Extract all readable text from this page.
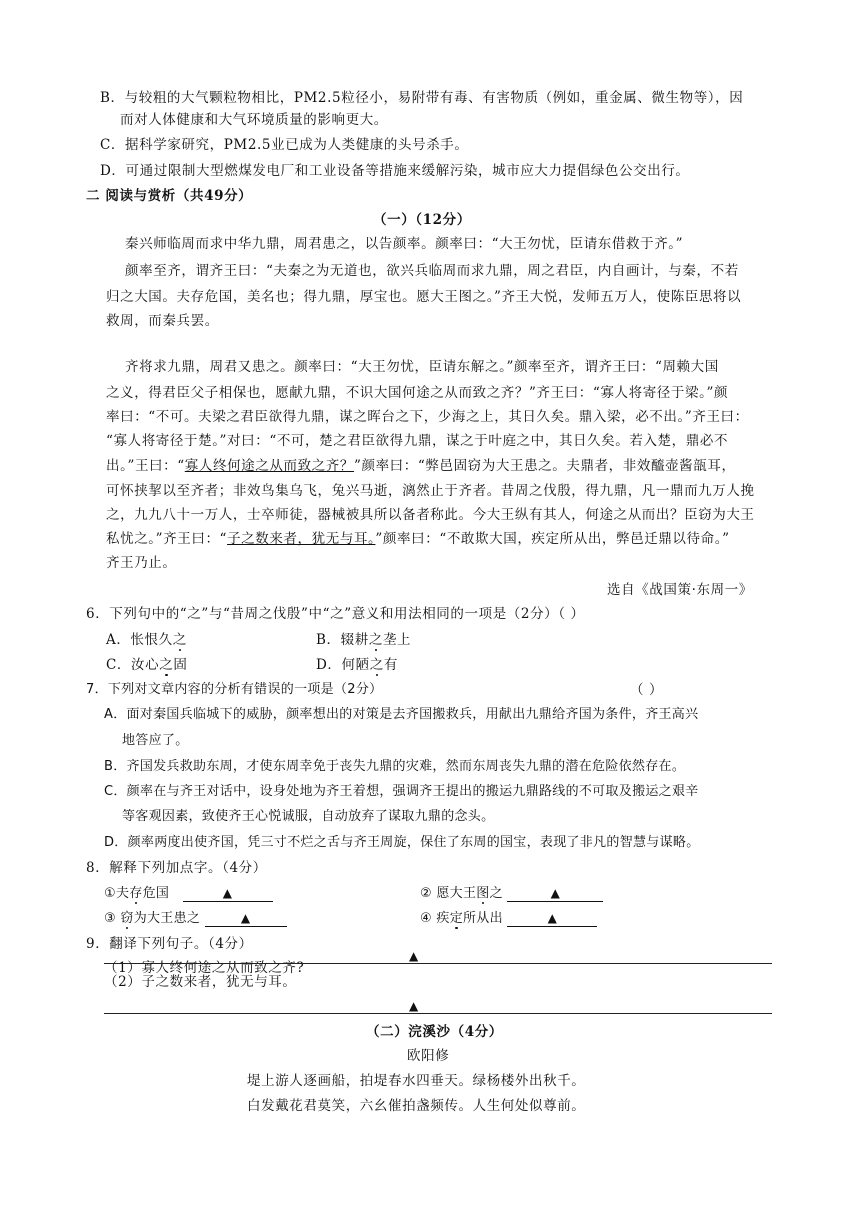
B．与较粗的大气颗粒物相比，PM2.5粒径小，易附带有毒、有害物质（例如，重金属、微生物等），因
而对人体健康和大气环境质量的影响更大。
C．据科学家研究，PM2.5业已成为人类健康的头号杀手。
D．可通过限制大型燃煤发电厂和工业设备等措施来缓解污染，城市应大力提倡绿色公交出行。
二 阅读与赏析（共49分）
（一）（12分）
秦兴师临周而求中华九鼎，周君患之，以告颜率。颜率曰：“大王勿忧，臣请东借救于齐。”
颜率至齐，谓齐王曰：“夫秦之为无道也，欲兴兵临周而求九鼎，周之君臣，内自画计，与秦，不若
归之大国。夫存危国，美名也；得九鼎，厚宝也。愿大王图之。”齐王大悦，发师五万人，使陈臣思将以
救周，而秦兵罢。
齐将求九鼎，周君又患之。颜率曰：“大王勿忧，臣请东解之。”颜率至齐，谓齐王曰：“周赖大国
之义，得君臣父子相保也，愿献九鼎，不识大国何途之从而致之齐？”齐王曰：“寡人将寄径于梁。”颜
率曰：“不可。夫梁之君臣欲得九鼎，谋之晖台之下，少海之上，其日久矣。鼎入梁，必不出。”齐王曰：
“寡人将寄径于楚。”对曰：“不可，楚之君臣欲得九鼎，谋之于叶庭之中，其日久矣。若入楚，鼎必不
出。”王曰：“寡人终何途之从而致之齐？”颜率曰：“弊邑固窃为大王患之。夫鼎者，非效醯壶酱瓿耳，
可怀挟挈以至齐者；非效鸟集乌飞，兔兴马逝，漓然止于齐者。昔周之伐殷，得九鼎，凡一鼎而九万人挽
之，九九八十一万人，士卒师徒，器械被具所以备者称此。今大王纵有其人，何途之从而出？臣窃为大王
私忧之。”齐王曰：“子之数来者，犹无与耳。”颜率曰：“不敢欺大国，疾定所从出，弊邑迁鼎以待命。”
齐王乃止。
选自《战国策·东周一》
6．下列句中的“之”与“昔周之伐殷”中“之”意义和用法相同的一项是（2分）（ ）
A．怅恨久之	B．辍耕之垄上
C．汝心之固	D．何陋之有
7．下列对文章内容的分析有错误的一项是（2分）	（ ）
A．面对秦国兵临城下的威胁，颜率想出的对策是去齐国搬救兵，用献出九鼎给齐国为条件，齐王高兴
地答应了。
B．齐国发兵救助东周，才使东周幸免于丧失九鼎的灾难，然而东周丧失九鼎的潜在危险依然存在。
C．颜率在与齐王对话中，设身处地为齐王着想，强调齐王提出的搬运九鼎路线的不可取及搬运之艰辛
等客观因素，致使齐王心悦诚服，自动放弃了谋取九鼎的念头。
D．颜率两度出使齐国，凭三寸不烂之舌与齐王周旋，保住了东周的国宝，表现了非凡的智慧与谋略。
8．解释下列加点字。（4分）
①夫存危国	▲	② 愿大王图之	▲
③ 窃为大王患之	▲	④ 疾定所从出	▲
9．翻译下列句子。（4分）
（1）寡人终何途之从而致之齐?
▲
（2）子之数来者，犹无与耳。
▲
（二）浣溪沙（4分）
欧阳修
堤上游人逐画船，拍堤春水四垂天。绿杨楼外出秋千。
白发戴花君莫笑，六幺催拍盏频传。人生何处似尊前。
